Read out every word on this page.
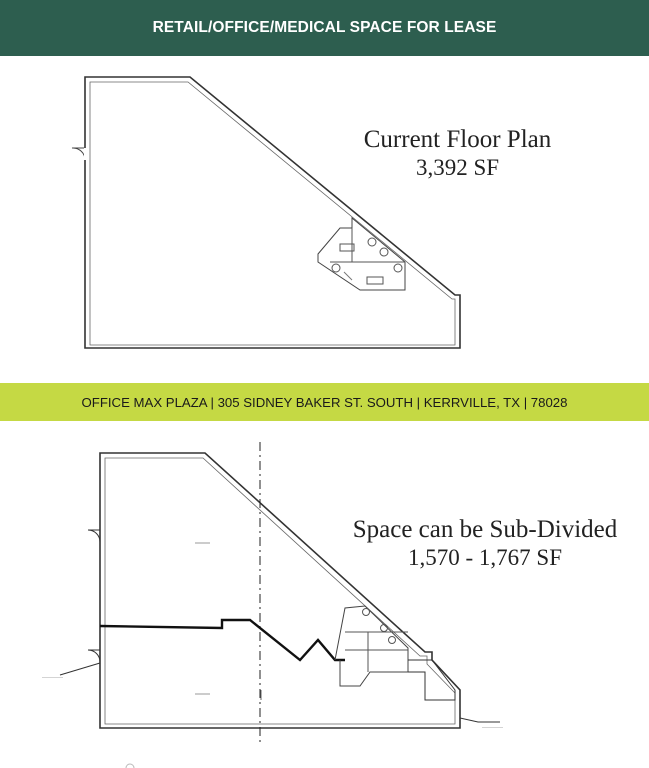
RETAIL/OFFICE/MEDICAL SPACE FOR LEASE
Current Floor Plan
3,392 SF
OFFICE MAX PLAZA | 305 SIDNEY BAKER ST. SOUTH | KERRVILLE, TX | 78028
——————
——————
Space can be Sub-Divided
1,570 - 1,767 SF
